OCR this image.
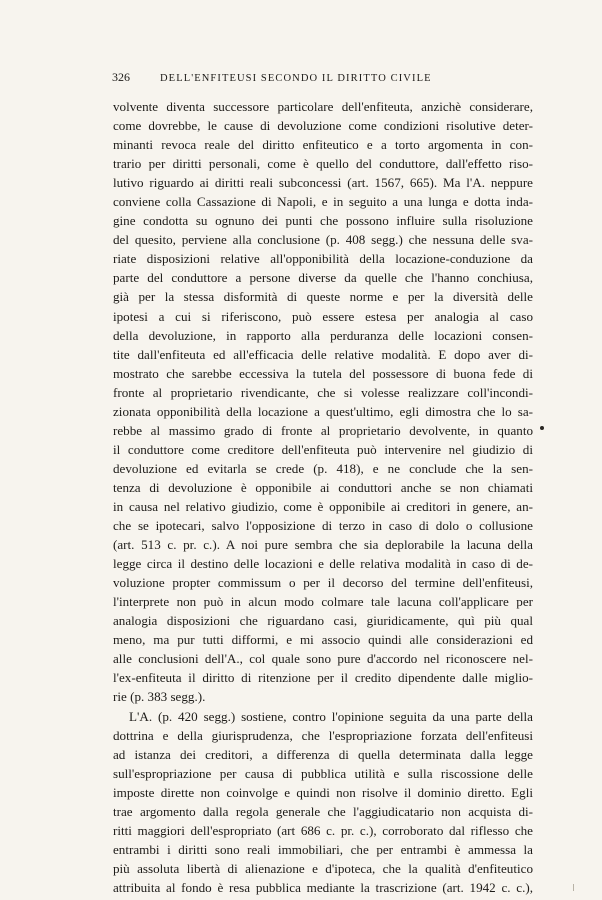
326	DELL'ENFITEUSI SECONDO IL DIRITTO CIVILE
volvente diventa successore particolare dell'enfiteuta, anzichè considerare,
come dovrebbe, le cause di devoluzione come condizioni risolutive deter-
minanti revoca reale del diritto enfiteutico e a torto argomenta in con-
trario per diritti personali, come è quello del conduttore, dall'effetto riso-
lutivo riguardo ai diritti reali subconcessi (art. 1567, 665). Ma l'A. neppure
conviene colla Cassazione di Napoli, e in seguito a una lunga e dotta inda-
gine condotta su ognuno dei punti che possono influire sulla risoluzione
del quesito, perviene alla conclusione (p. 408 segg.) che nessuna delle sva-
riate disposizioni relative all'opponibilità della locazione-conduzione da
parte del conduttore a persone diverse da quelle che l'hanno conchiusa,
già per la stessa disformità di queste norme e per la diversità delle
ipotesi a cui si riferiscono, può essere estesa per analogia al caso
della devoluzione, in rapporto alla perduranza delle locazioni consen-
tite dall'enfiteuta ed all'efficacia delle relative modalità. E dopo aver di-
mostrato che sarebbe eccessiva la tutela del possessore di buona fede di
fronte al proprietario rivendicante, che si volesse realizzare coll'incondi-
zionata opponibilità della locazione a quest'ultimo, egli dimostra che lo sa-
rebbe al massimo grado di fronte al proprietario devolvente, in quanto
il conduttore come creditore dell'enfiteuta può intervenire nel giudizio di
devoluzione ed evitarla se crede (p. 418), e ne conclude che la sen-
tenza di devoluzione è opponibile ai conduttori anche se non chiamati
in causa nel relativo giudizio, come è opponibile ai creditori in genere, an-
che se ipotecari, salvo l'opposizione di terzo in caso di dolo o collusione
(art. 513 c. pr. c.). A noi pure sembra che sia deplorabile la lacuna della
legge circa il destino delle locazioni e delle relativa modalità in caso di de-
voluzione propter commissum o per il decorso del termine dell'enfiteusi,
l'interprete non può in alcun modo colmare tale lacuna coll'applicare per
analogia disposizioni che riguardano casi, giuridicamente, quì più qual
meno, ma pur tutti difformi, e mi associo quindi alle considerazioni ed
alle conclusioni dell'A., col quale sono pure d'accordo nel riconoscere nel-
l'ex-enfiteuta il diritto di ritenzione per il credito dipendente dalle miglio-
rie (p. 383 segg.).
L'A. (p. 420 segg.) sostiene, contro l'opinione seguita da una parte della
dottrina e della giurisprudenza, che l'espropriazione forzata dell'enfiteusi
ad istanza dei creditori, a differenza di quella determinata dalla legge
sull'espropriazione per causa di pubblica utilità e sulla riscossione delle
imposte dirette non coinvolge e quindi non risolve il dominio diretto. Egli
trae argomento dalla regola generale che l'aggiudicatario non acquista di-
ritti maggiori dell'espropriato (art 686 c. pr. c.), corroborato dal riflesso che
entrambi i diritti sono reali immobiliari, che per entrambi è ammessa la
più assoluta libertà di alienazione e d'ipoteca, che la qualità d'enfiteutico
attribuita al fondo è resa pubblica mediante la trascrizione (art. 1942 c. c.),
